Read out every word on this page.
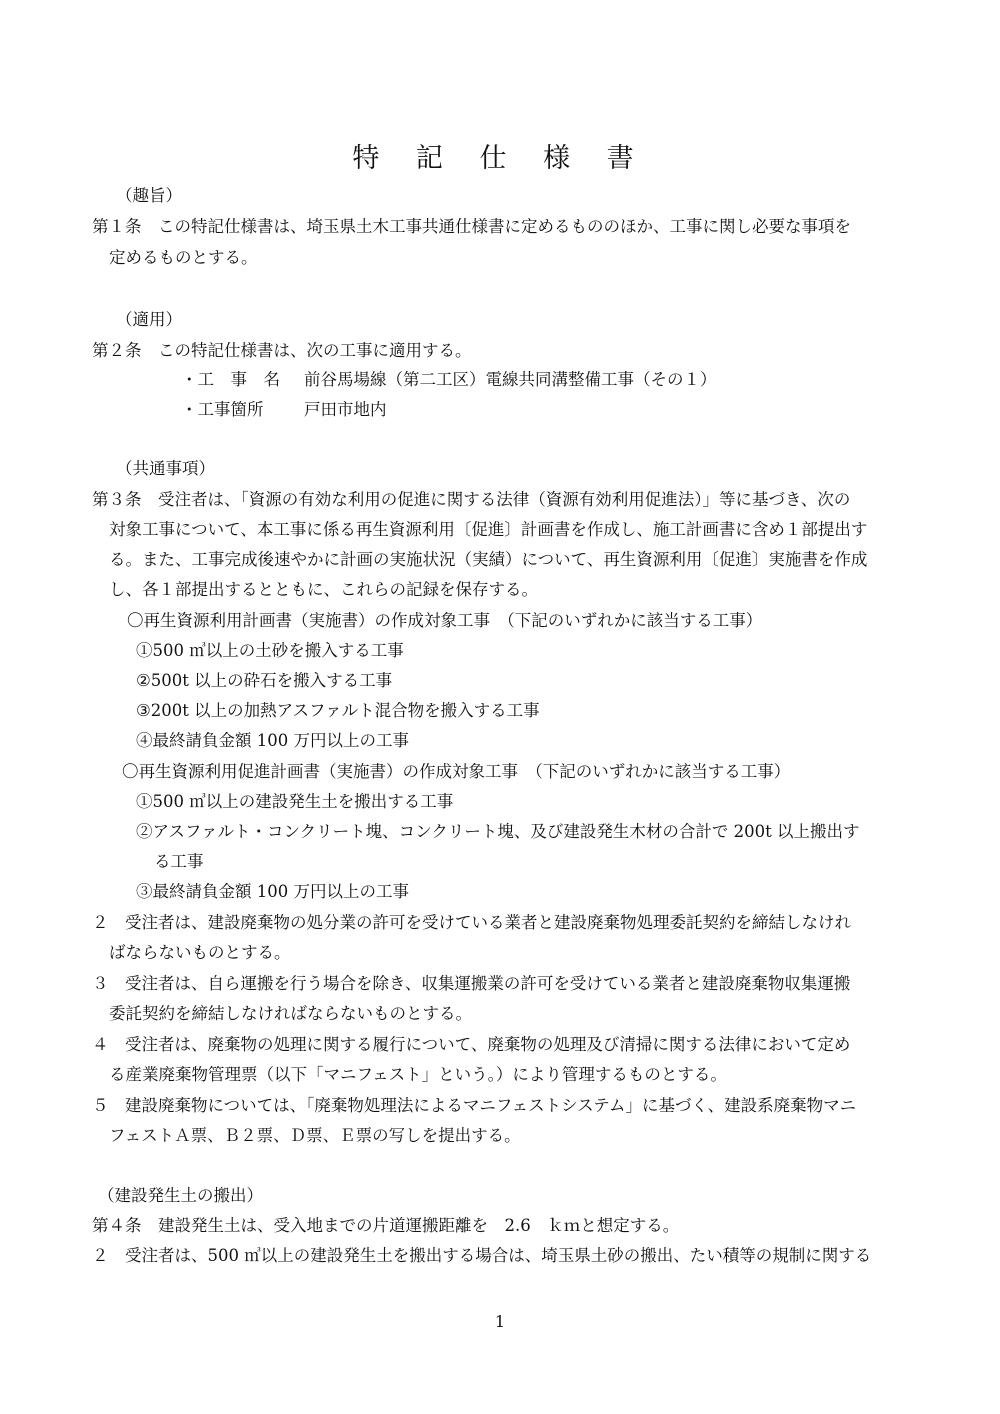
特 記 仕 様 書
（趣旨）
第１条　この特記仕様書は、埼玉県土木工事共通仕様書に定めるもののほか、工事に関し必要な事項を
定めるものとする。
（適用）
第２条　この特記仕様書は、次の工事に適用する。
・工　事　名 前谷馬場線（第二工区）電線共同溝整備工事（その１）
・工事箇所 戸田市地内
（共通事項）
第３条　受注者は、「資源の有効な利用の促進に関する法律（資源有効利用促進法）」等に基づき、次の
対象工事について、本工事に係る再生資源利用〔促進〕計画書を作成し、施工計画書に含め１部提出す
る。また、工事完成後速やかに計画の実施状況（実績）について、再生資源利用〔促進〕実施書を作成
し、各１部提出するとともに、これらの記録を保存する。
〇再生資源利用計画書（実施書）の作成対象工事　（下記のいずれかに該当する工事）
①500 ㎥以上の土砂を搬入する工事
②500t 以上の砕石を搬入する工事
③200t 以上の加熱アスファルト混合物を搬入する工事
④最終請負金額 100 万円以上の工事
〇再生資源利用促進計画書（実施書）の作成対象工事　（下記のいずれかに該当する工事）
①500 ㎥以上の建設発生土を搬出する工事
②アスファルト・コンクリート塊、コンクリート塊、及び建設発生木材の合計で 200t 以上搬出す
る工事
③最終請負金額 100 万円以上の工事
２　受注者は、建設廃棄物の処分業の許可を受けている業者と建設廃棄物処理委託契約を締結しなけれ
ばならないものとする。
３　受注者は、自ら運搬を行う場合を除き、収集運搬業の許可を受けている業者と建設廃棄物収集運搬
委託契約を締結しなければならないものとする。
４　受注者は、廃棄物の処理に関する履行について、廃棄物の処理及び清掃に関する法律において定め
る産業廃棄物管理票（以下「マニフェスト」という。）により管理するものとする。
５　建設廃棄物については、「廃棄物処理法によるマニフェストシステム」に基づく、建設系廃棄物マニ
フェストＡ票、Ｂ２票、Ｄ票、Ｅ票の写しを提出する。
（建設発生土の搬出）
第４条　建設発生土は、受入地までの片道運搬距離を　2.6　ｋｍと想定する。
２　受注者は、500 ㎥以上の建設発生土を搬出する場合は、埼玉県土砂の搬出、たい積等の規制に関する
1
